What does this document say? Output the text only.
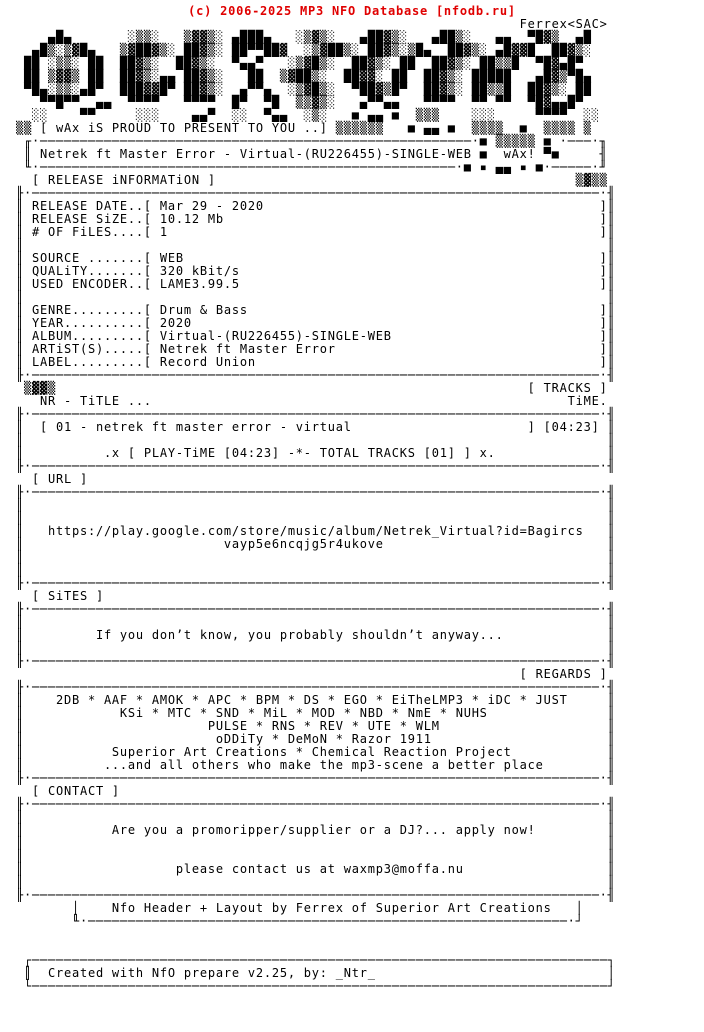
(c) 2006-2025 MP3 NFO Database [nfodb.ru]
Ferrex<SAC>
▄█▄       ░▒▒░   ▒▓▓▒░ ▄███▄   ░▒▓▒░   ▄██▓▒░   ▄██▒░   ▄▄  ▀█▓▒  ▄█
▄█▒░▒▓█▄   ▒▓██▓▒░ ██▓▒░ ██▀▀██▓  ░▒▓██▒░ ██▓▒░▒█▄  ██▓▒░ ▄█▓▓█  ██▓▒░
██ ░▒▒░ ██  ██▓▒░  ██▓▒░  ▀▄▄▀   ░▒▓█▒░  ██▓▒░ ██  ██▓▒░ ██▒▒█  ▀█▓▄█▀
██ ▒▓▓▒ ██  ██▓▒░▄▄ ██▓▒░   ██  ▒▓██▒░  ██▓▓░ ██  ██▓▒░ █████   ▄█▓▒▀█▄
▀█▄░▒▒░▄█▀  ███▓▓█▀ ██▓▒░  ▄▀▀▄  ░▒▓█▒░  ▀██▓▒█▀  ██▓▒░ ██▒▒█  ██▓▒░ ██
▀▀█▀▀  ▄▄  ▀▀▀▀   ▀▀▀▀  █▀  ▀█  ▒▒▓▒░   ▄▀▀▄▄   ▀▀▀▀  ▀▀ ▀▀  ▀█▓▄▄█▀
░░    ▀▀     ░░░    ▄▄▀  ░░  ▀▄▄  ░▒░   ■ ▄▄ ■  ▒▒▒    ░░░     ▀▀▀▀  ░░
▒▒ [ wAx iS PROUD TO PRESENT TO YOU ..] ▒▒▒▒▒▒   ■ ▄▄ ■  ▒▒▒▒  ■  ▒▒▒▒ ▒
╓·──────────────────────────────────────────────────────·■ ▒▒▒▒▒ ■ ·───·╖
║ Netrek ft Master Error - Virtual-(RU226455)-SINGLE-WEB ■  wAx! ▀■     ╢
╙·────────────────────────────────────────────────────·■ ▪ ▄▄ ▪ ■·─────·╜
[ RELEASE iNFORMATiON ]                                             ▒▓▒▒
╟·───────────────────────────────────────────────────────────────────────·╢
║ RELEASE DATE..[ Mar 29 - 2020                                          ]║
║ RELEASE SiZE..[ 10.12 Mb                                               ]║
║ # OF FiLES....[ 1                                                      ]║
║                                                                         ║
║ SOURCE .......[ WEB                                                    ]║
║ QUALiTY.......[ 320 kBit/s                                             ]║
║ USED ENCODER..[ LAME3.99.5                                             ]║
║                                                                         ║
║ GENRE.........[ Drum & Bass                                            ]║
║ YEAR..........[ 2020                                                   ]║
║ ALBUM.........[ Virtual-(RU226455)-SINGLE-WEB                          ]║
║ ARTiST(S).....[ Netrek ft Master Error                                 ]║
║ LABEL.........[ Record Union                                           ]║
╟·───────────────────────────────────────────────────────────────────────·╢
▒▓▓▒                                                           [ TRACKS ]
NR - TiTLE ...                                                    TiME.
╟·───────────────────────────────────────────────────────────────────────·╢
║  [ 01 - netrek ft master error - virtual                      ] [04:23] ║
║                                                                         ║
║          .x [ PLAY-TiME [04:23] -*- TOTAL TRACKS [01] ] x.              ║
╟·───────────────────────────────────────────────────────────────────────·╢
[ URL ]
╟·───────────────────────────────────────────────────────────────────────·╢
║                                                                         ║
║                                                                         ║
║   https://play.google.com/store/music/album/Netrek_Virtual?id=Bagircs   ║
║                         vayp5e6ncqjg5r4ukove                            ║
║                                                                         ║
║                                                                         ║
╟·───────────────────────────────────────────────────────────────────────·╢
[ SiTES ]
╟·───────────────────────────────────────────────────────────────────────·╢
║                                                                         ║
║         If you don’t know, you probably shouldn’t anyway...             ║
║                                                                         ║
╟·───────────────────────────────────────────────────────────────────────·╢
[ REGARDS ]
╟·───────────────────────────────────────────────────────────────────────·╢
║    2DB * AAF * AMOK * APC * BPM * DS * EGO * EiTheLMP3 * iDC * JUST     ║
║            KSi * MTC * SND * MiL * MOD * NBD * NmE * NUHS               ║
║                       PULSE * RNS * REV * UTE * WLM                     ║
║                        oDDiTy * DeMoN * Razor 1911                      ║
║           Superior Art Creations * Chemical Reaction Project            ║
║          ...and all others who make the mp3-scene a better place        ║
╟·───────────────────────────────────────────────────────────────────────·╢
[ CONTACT ]
╟·───────────────────────────────────────────────────────────────────────·╢
║                                                                         ║
║           Are you a promoripper/supplier or a DJ?... apply now!         ║
║                                                                         ║
║                                                                         ║
║                   please contact us at waxmp3@moffa.nu                  ║
║                                                                         ║
╟·───────────────────────────────────────────────────────────────────────·╢
│    Nfo Header + Layout by Ferrex of Superior Art Creations   │
╙·────────────────────────────────────────────────────────────·┘
┌────────────────────────────────────────────────────────────────────────┐
║  Created with NfO prepare v2.25, by: _Ntr_                             │
└────────────────────────────────────────────────────────────────────────┘
